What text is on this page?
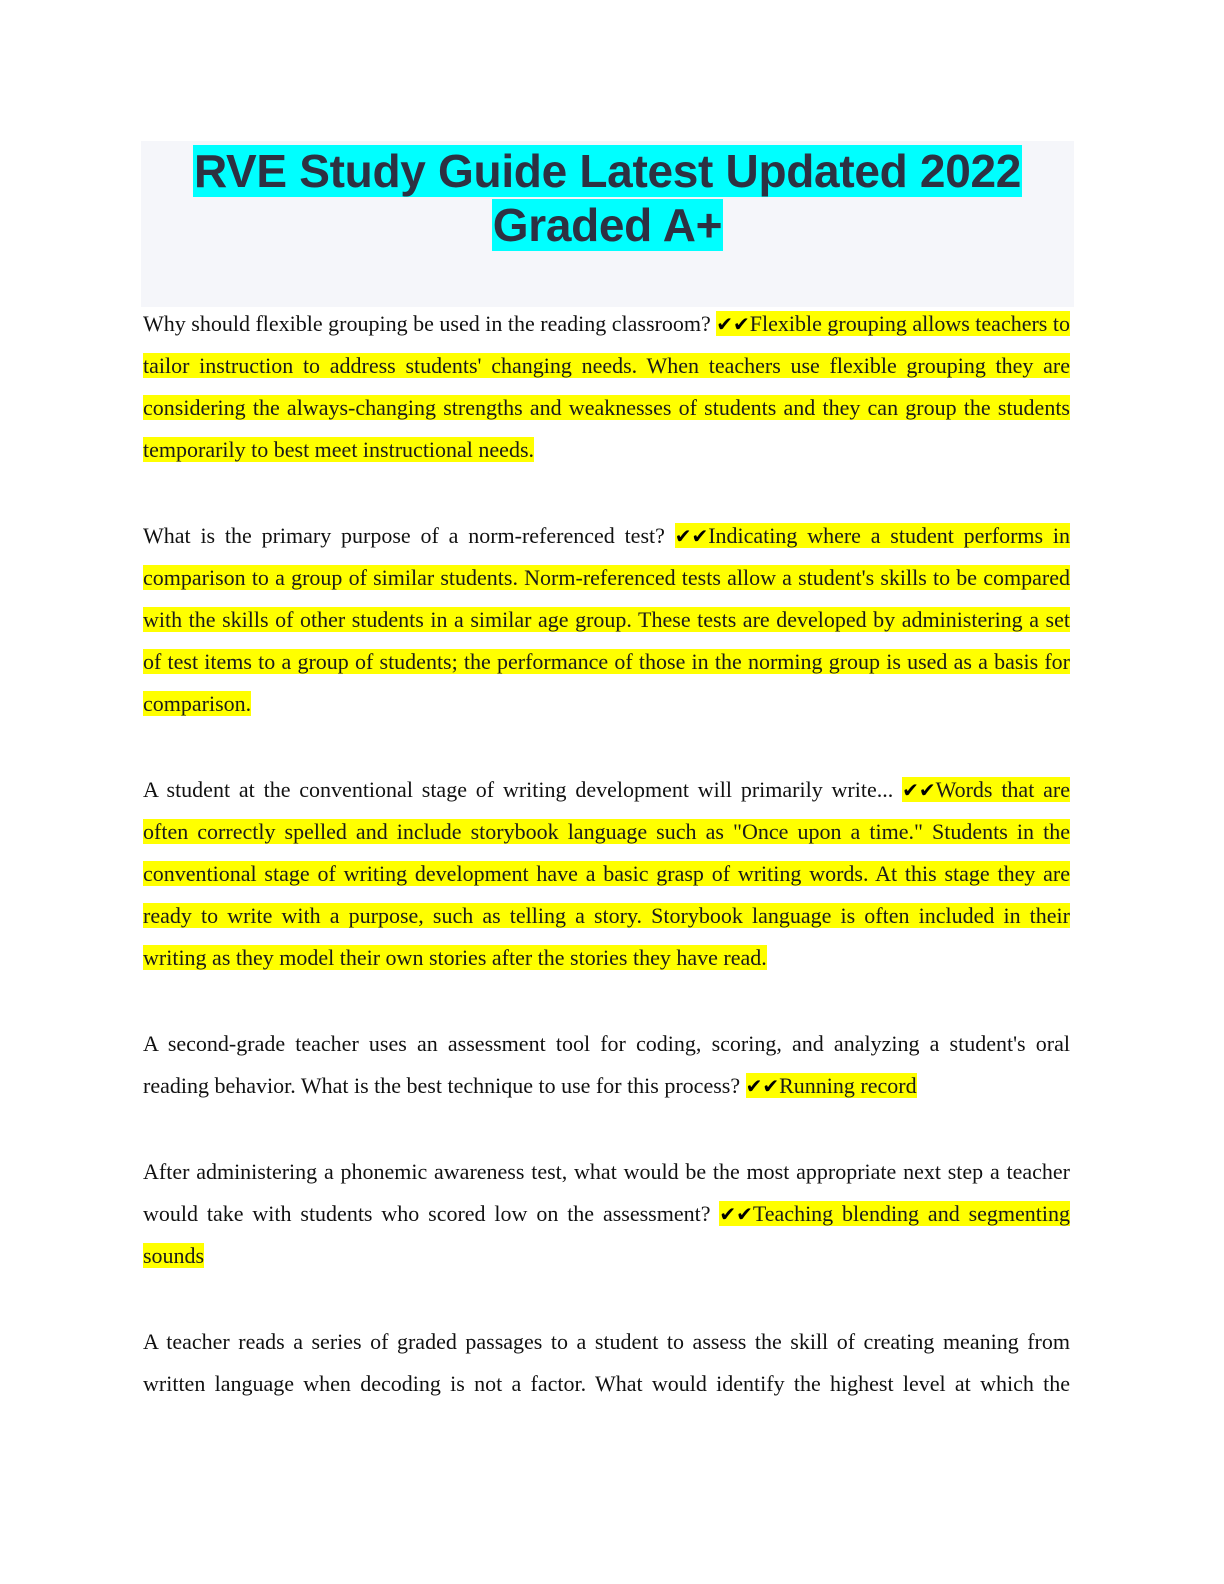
RVE Study Guide Latest Updated 2022
Graded A+

Why should flexible grouping be used in the reading classroom? ✔✔Flexible grouping allows teachers to tailor instruction to address students' changing needs. When teachers use flexible grouping they are considering the always-changing strengths and weaknesses of students and they can group the students temporarily to best meet instructional needs.

What is the primary purpose of a norm-referenced test? ✔✔Indicating where a student performs in comparison to a group of similar students. Norm-referenced tests allow a student's skills to be compared with the skills of other students in a similar age group. These tests are developed by administering a set of test items to a group of students; the performance of those in the norming group is used as a basis for comparison.

A student at the conventional stage of writing development will primarily write... ✔✔Words that are often correctly spelled and include storybook language such as "Once upon a time." Students in the conventional stage of writing development have a basic grasp of writing words. At this stage they are ready to write with a purpose, such as telling a story. Storybook language is often included in their writing as they model their own stories after the stories they have read.

A second-grade teacher uses an assessment tool for coding, scoring, and analyzing a student's oral reading behavior. What is the best technique to use for this process? ✔✔Running record

After administering a phonemic awareness test, what would be the most appropriate next step a teacher would take with students who scored low on the assessment? ✔✔Teaching blending and segmenting sounds

A teacher reads a series of graded passages to a student to assess the skill of creating meaning from written language when decoding is not a factor. What would identify the highest level at which the
